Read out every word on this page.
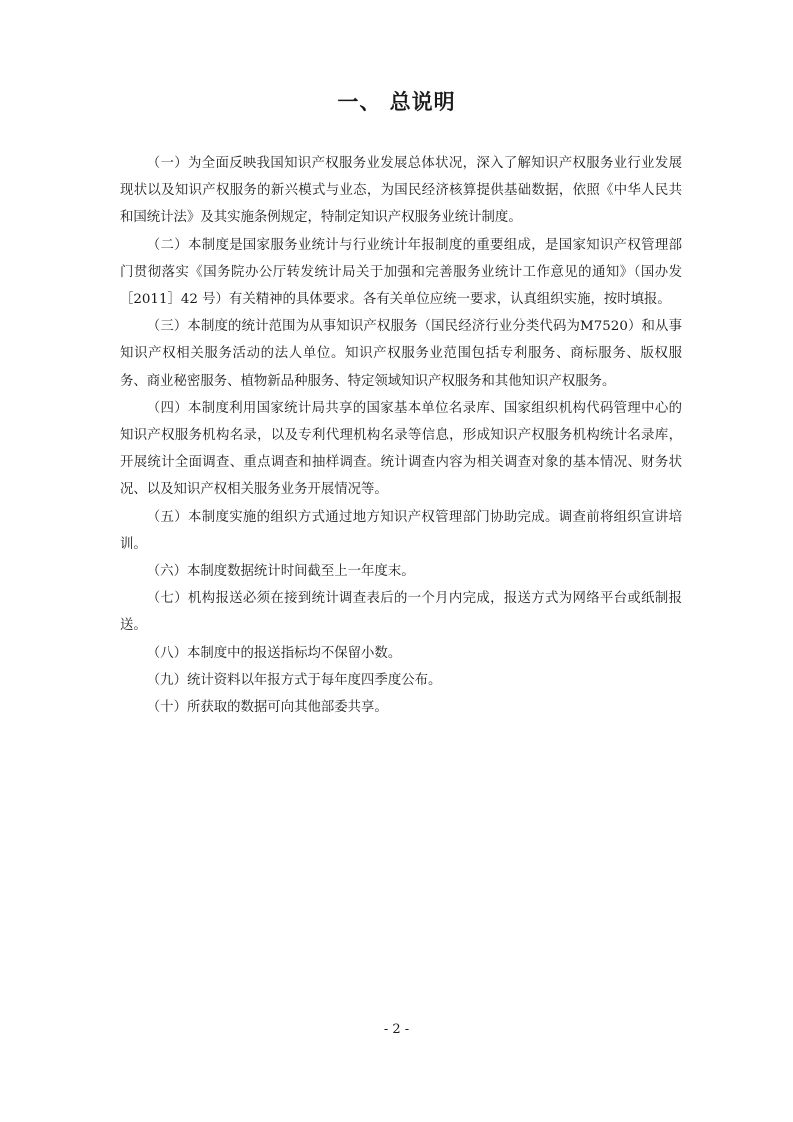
一、 总说明

（一）为全面反映我国知识产权服务业发展总体状况，深入了解知识产权服务业行业发展现状以及知识产权服务的新兴模式与业态，为国民经济核算提供基础数据，依照《中华人民共和国统计法》及其实施条例规定，特制定知识产权服务业统计制度。

（二）本制度是国家服务业统计与行业统计年报制度的重要组成，是国家知识产权管理部门贯彻落实《国务院办公厅转发统计局关于加强和完善服务业统计工作意见的通知》（国办发［2011］42 号）有关精神的具体要求。各有关单位应统一要求，认真组织实施，按时填报。

（三）本制度的统计范围为从事知识产权服务（国民经济行业分类代码为M7520）和从事知识产权相关服务活动的法人单位。知识产权服务业范围包括专利服务、商标服务、版权服务、商业秘密服务、植物新品种服务、特定领域知识产权服务和其他知识产权服务。

（四）本制度利用国家统计局共享的国家基本单位名录库、国家组织机构代码管理中心的知识产权服务机构名录，以及专利代理机构名录等信息，形成知识产权服务机构统计名录库，开展统计全面调查、重点调查和抽样调查。统计调查内容为相关调查对象的基本情况、财务状况、以及知识产权相关服务业务开展情况等。

（五）本制度实施的组织方式通过地方知识产权管理部门协助完成。调查前将组织宣讲培训。

（六）本制度数据统计时间截至上一年度末。

（七）机构报送必须在接到统计调查表后的一个月内完成，报送方式为网络平台或纸制报送。

（八）本制度中的报送指标均不保留小数。

（九）统计资料以年报方式于每年度四季度公布。

（十）所获取的数据可向其他部委共享。

- 2 -
